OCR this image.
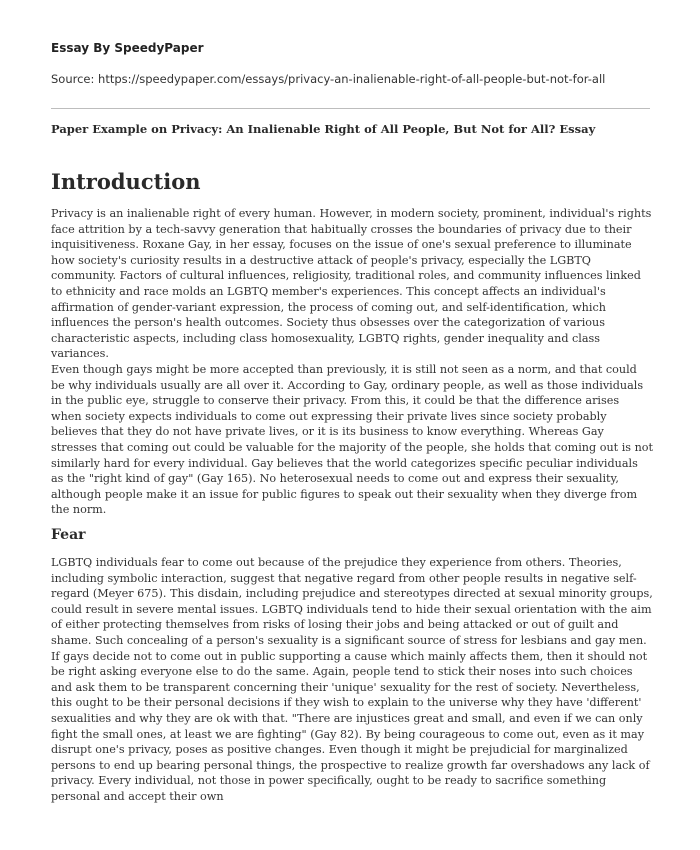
Essay By SpeedyPaper

Source: https://speedypaper.com/essays/privacy-an-inalienable-right-of-all-people-but-not-for-all

Paper Example on Privacy: An Inalienable Right of All People, But Not for All? Essay

Introduction

Privacy is an inalienable right of every human. However, in modern society, prominent, individual's rights face attrition by a tech-savvy generation that habitually crosses the boundaries of privacy due to their inquisitiveness. Roxane Gay, in her essay, focuses on the issue of one's sexual preference to illuminate how society's curiosity results in a destructive attack of people's privacy, especially the LGBTQ community. Factors of cultural influences, religiosity, traditional roles, and community influences linked to ethnicity and race molds an LGBTQ member's experiences. This concept affects an individual's affirmation of gender-variant expression, the process of coming out, and self-identification, which influences the person's health outcomes. Society thus obsesses over the categorization of various characteristic aspects, including class homosexuality, LGBTQ rights, gender inequality and class variances.

Even though gays might be more accepted than previously, it is still not seen as a norm, and that could be why individuals usually are all over it. According to Gay, ordinary people, as well as those individuals in the public eye, struggle to conserve their privacy. From this, it could be that the difference arises when society expects individuals to come out expressing their private lives since society probably believes that they do not have private lives, or it is its business to know everything. Whereas Gay stresses that coming out could be valuable for the majority of the people, she holds that coming out is not similarly hard for every individual. Gay believes that the world categorizes specific peculiar individuals as the "right kind of gay" (Gay 165). No heterosexual needs to come out and express their sexuality, although people make it an issue for public figures to speak out their sexuality when they diverge from the norm.

Fear

LGBTQ individuals fear to come out because of the prejudice they experience from others. Theories, including symbolic interaction, suggest that negative regard from other people results in negative self-regard (Meyer 675). This disdain, including prejudice and stereotypes directed at sexual minority groups, could result in severe mental issues. LGBTQ individuals tend to hide their sexual orientation with the aim of either protecting themselves from risks of losing their jobs and being attacked or out of guilt and shame. Such concealing of a person's sexuality is a significant source of stress for lesbians and gay men. If gays decide not to come out in public supporting a cause which mainly affects them, then it should not be right asking everyone else to do the same. Again, people tend to stick their noses into such choices and ask them to be transparent concerning their 'unique' sexuality for the rest of society. Nevertheless, this ought to be their personal decisions if they wish to explain to the universe why they have 'different' sexualities and why they are ok with that. "There are injustices great and small, and even if we can only fight the small ones, at least we are fighting" (Gay 82). By being courageous to come out, even as it may disrupt one's privacy, poses as positive changes. Even though it might be prejudicial for marginalized persons to end up bearing personal things, the prospective to realize growth far overshadows any lack of privacy. Every individual, not those in power specifically, ought to be ready to sacrifice something personal and accept their own
